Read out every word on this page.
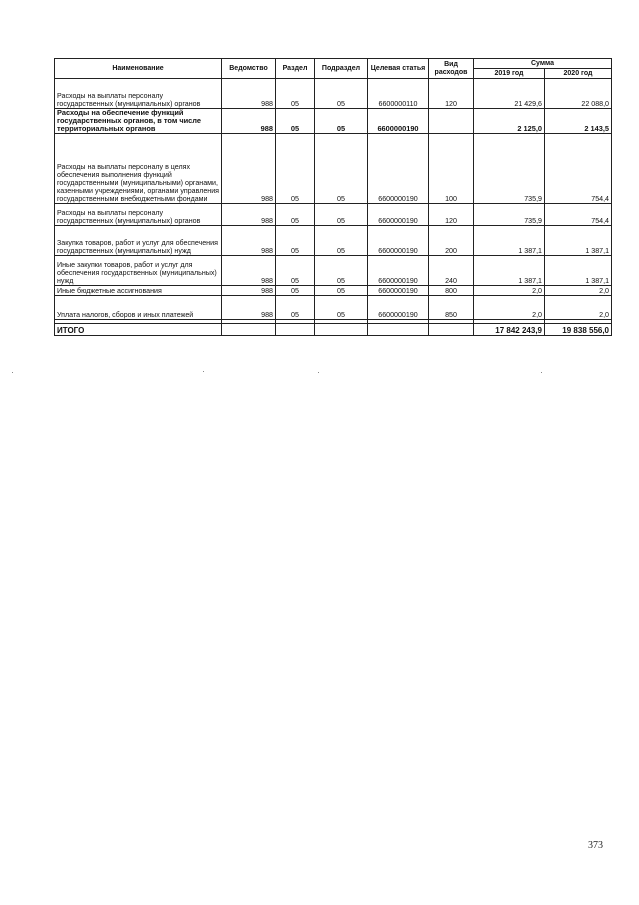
Наименование	Ведомство	Раздел	Подраздел	Целевая статья	Вид расходов	Сумма	
						2019 год	2020 год
Расходы на выплаты персоналу государственных (муниципальных) органов	988	05	05	6600000110	120	21 429,6	22 088,0
Расходы на обеспечение функций государственных органов, в том числе территориальных органов	988	05	05	6600000190		2 125,0	2 143,5
Расходы на выплаты персоналу в целях обеспечения выполнения функций государственными (муниципальными) органами, казенными учреждениями, органами управления государственными внебюджетными фондами	988	05	05	6600000190	100	735,9	754,4
Расходы на выплаты персоналу государственных (муниципальных) органов	988	05	05	6600000190	120	735,9	754,4
Закупка товаров, работ и услуг для обеспечения государственных (муниципальных) нужд	988	05	05	6600000190	200	1 387,1	1 387,1
Иные закупки товаров, работ и услуг для обеспечения государственных (муниципальных) нужд	988	05	05	6600000190	240	1 387,1	1 387,1
Иные бюджетные ассигнования	988	05	05	6600000190	800	2,0	2,0
Уплата налогов, сборов и иных платежей	988	05	05	6600000190	850	2,0	2,0

ИТОГО						17 842 243,9	19 838 556,0
373
